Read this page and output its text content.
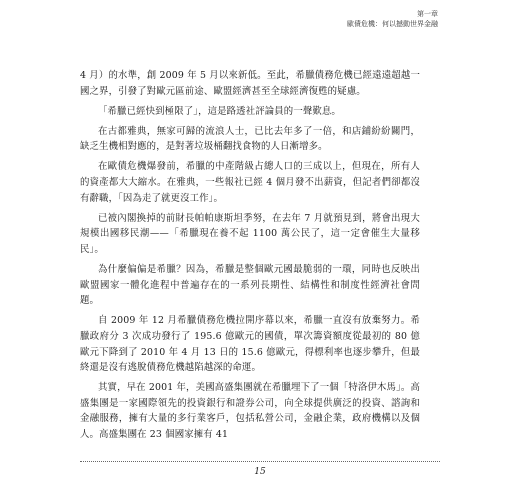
第一章
歐債危機：何以撼動世界金融

4 月）的水準，創 2009 年 5 月以來新低。至此，希臘債務危機已經遠遠超越一國之界，引發了對歐元區前途、歐盟經濟甚至全球經濟復甦的疑慮。

「希臘已經快到極限了」，這是路透社評論員的一聲歎息。

在古都雅典，無家可歸的流浪人士，已比去年多了一倍，和店鋪紛紛關門，缺乏生機相對應的，是對著垃圾桶翻找食物的人日漸增多。

在歐債危機爆發前，希臘的中產階級占總人口的三成以上，但現在，所有人的資產都大大縮水。在雅典，一些報社已經 4 個月發不出薪資，但記者們卻都沒有辭職，「因為走了就更沒工作」。

已被內閣換掉的前財長帕帕康斯坦季努，在去年 7 月就預見到，將會出現大規模出國移民潮——「希臘現在養不起 1100 萬公民了，這一定會催生大量移民」。

為什麼偏偏是希臘？因為，希臘是整個歐元國最脆弱的一環，同時也反映出歐盟國家一體化進程中普遍存在的一系列長期性、結構性和制度性經濟社會問題。

自 2009 年 12 月希臘債務危機拉開序幕以來，希臘一直沒有放棄努力。希臘政府分 3 次成功發行了 195.6 億歐元的國債，單次籌資額度從最初的 80 億歐元下降到了 2010 年 4 月 13 日的 15.6 億歐元，得標利率也逐步攀升，但最終還是沒有逃脫債務危機越陷越深的命運。

其實，早在 2001 年，美國高盛集團就在希臘埋下了一個「特洛伊木馬」。高盛集團是一家國際領先的投資銀行和證券公司，向全球提供廣泛的投資、諮詢和金融服務，擁有大量的多行業客戶，包括私營公司，金融企業，政府機構以及個人。高盛集團在 23 個國家擁有 41

15
